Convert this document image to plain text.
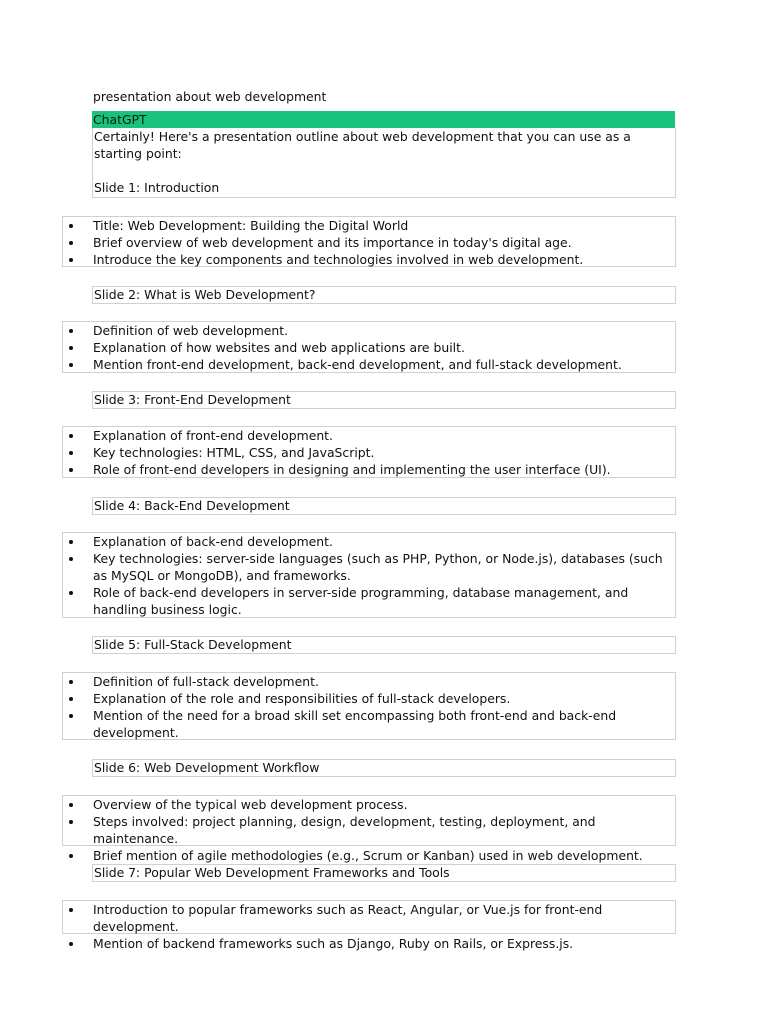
presentation about web development
ChatGPT

Certainly! Here's a presentation outline about web development that you can use as a starting point:

Slide 1: Introduction

Title: Web Development: Building the Digital World
Brief overview of web development and its importance in today's digital age.
Introduce the key components and technologies involved in web development.
Slide 2: What is Web Development?
Definition of web development.
Explanation of how websites and web applications are built.
Mention front-end development, back-end development, and full-stack development.
Slide 3: Front-End Development
Explanation of front-end development.
Key technologies: HTML, CSS, and JavaScript.
Role of front-end developers in designing and implementing the user interface (UI).
Slide 4: Back-End Development
Explanation of back-end development.
Key technologies: server-side languages (such as PHP, Python, or Node.js), databases (such as MySQL or MongoDB), and frameworks.
Role of back-end developers in server-side programming, database management, and handling business logic.
Slide 5: Full-Stack Development
Definition of full-stack development.
Explanation of the role and responsibilities of full-stack developers.
Mention of the need for a broad skill set encompassing both front-end and back-end development.
Slide 6: Web Development Workflow
Overview of the typical web development process.
Steps involved: project planning, design, development, testing, deployment, and maintenance.
Brief mention of agile methodologies (e.g., Scrum or Kanban) used in web development.
Slide 7: Popular Web Development Frameworks and Tools
Introduction to popular frameworks such as React, Angular, or Vue.js for front-end development.
Mention of backend frameworks such as Django, Ruby on Rails, or Express.js.
